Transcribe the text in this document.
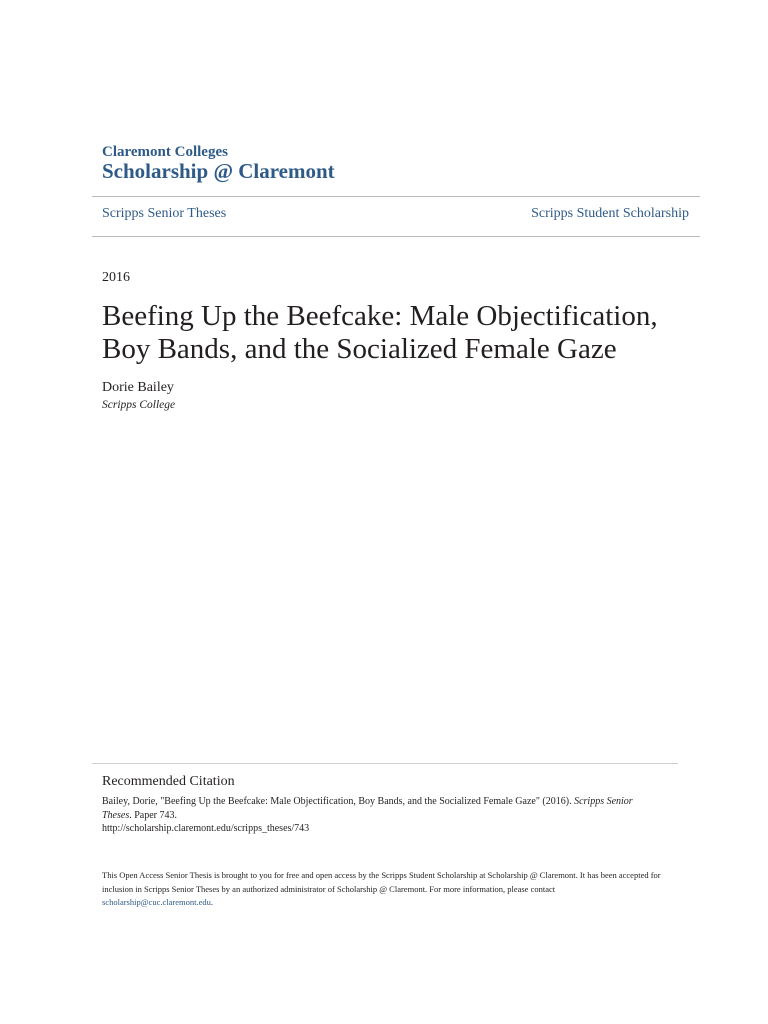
Claremont Colleges
Scholarship @ Claremont
Scripps Senior Theses	Scripps Student Scholarship
2016
Beefing Up the Beefcake: Male Objectification, Boy Bands, and the Socialized Female Gaze
Dorie Bailey
Scripps College
Recommended Citation
Bailey, Dorie, "Beefing Up the Beefcake: Male Objectification, Boy Bands, and the Socialized Female Gaze" (2016). Scripps Senior Theses. Paper 743.
http://scholarship.claremont.edu/scripps_theses/743
This Open Access Senior Thesis is brought to you for free and open access by the Scripps Student Scholarship at Scholarship @ Claremont. It has been accepted for inclusion in Scripps Senior Theses by an authorized administrator of Scholarship @ Claremont. For more information, please contact
scholarship@cuc.claremont.edu.
